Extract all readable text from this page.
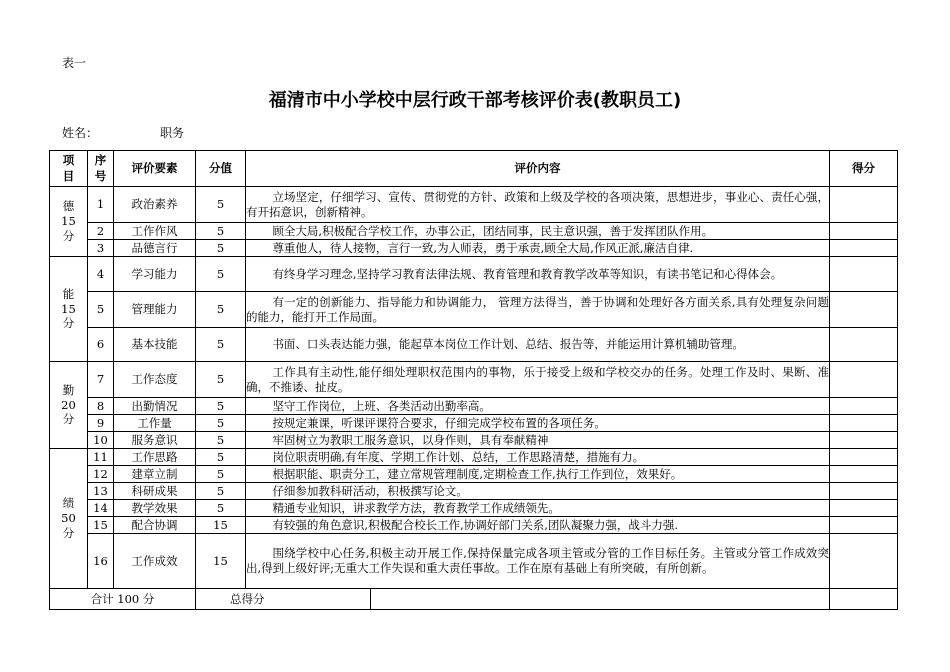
表一
福清市中小学校中层行政干部考核评价表(教职员工)
姓名：	职务
项目	序号	评价要素	分值	评价内容	得分

德
15
分	1	政治素养	5	立场坚定，仔细学习、宣传、贯彻党的方针、政策和上级及学校的各项决策，思想进步，事业心、责任心强，有开拓意识，创新精神。	

	2	工作作风	5	顾全大局,积极配合学校工作，办事公正，团结同事，民主意识强，善于发挥团队作用。	

	3	品德言行	5	尊重他人，待人接物，言行一致,为人师表，勇于承责,顾全大局,作风正派,廉洁自律.	

能
15
分	4	学习能力	5	有终身学习理念,坚持学习教育法律法规、教育管理和教育教学改革等知识，有读书笔记和心得体会。	

	5	管理能力	5	有一定的创新能力、指导能力和协调能力， 管理方法得当，善于协调和处理好各方面关系,具有处理复杂问题的能力，能打开工作局面。	

	6	基本技能	5	书面、口头表达能力强，能起草本岗位工作计划、总结、报告等，并能运用计算机辅助管理。	

勤
20
分	7	工作态度	5	工作具有主动性,能仔细处理职权范围内的事物，乐于接受上级和学校交办的任务。处理工作及时、果断、准确，不推诿、扯皮。	

	8	出勤情况	5	坚守工作岗位，上班、各类活动出勤率高。	

	9	工作量	5	按规定兼课，听课评课符合要求，仔细完成学校布置的各项任务。	

	10	服务意识	5	牢固树立为教职工服务意识，以身作则，具有奉献精神	

绩
50
分	11	工作思路	5	岗位职责明确,有年度、学期工作计划、总结，工作思路清楚，措施有力。	

	12	建章立制	5	根据职能、职责分工，建立常规管理制度,定期检查工作,执行工作到位，效果好。	

	13	科研成果	5	仔细参加教科研活动，积极撰写论文。	

	14	教学效果	5	精通专业知识，讲求教学方法，教育教学工作成绩领先。	

	15	配合协调	15	有较强的角色意识,积极配合校长工作,协调好部门关系,团队凝聚力强，战斗力强.	

	16	工作成效	15	围绕学校中心任务,积极主动开展工作,保持保量完成各项主管或分管的工作目标任务。主管或分管工作成效突出,得到上级好评;无重大工作失误和重大责任事故。工作在原有基础上有所突破，有所创新。	

合计 100 分			总得分		
